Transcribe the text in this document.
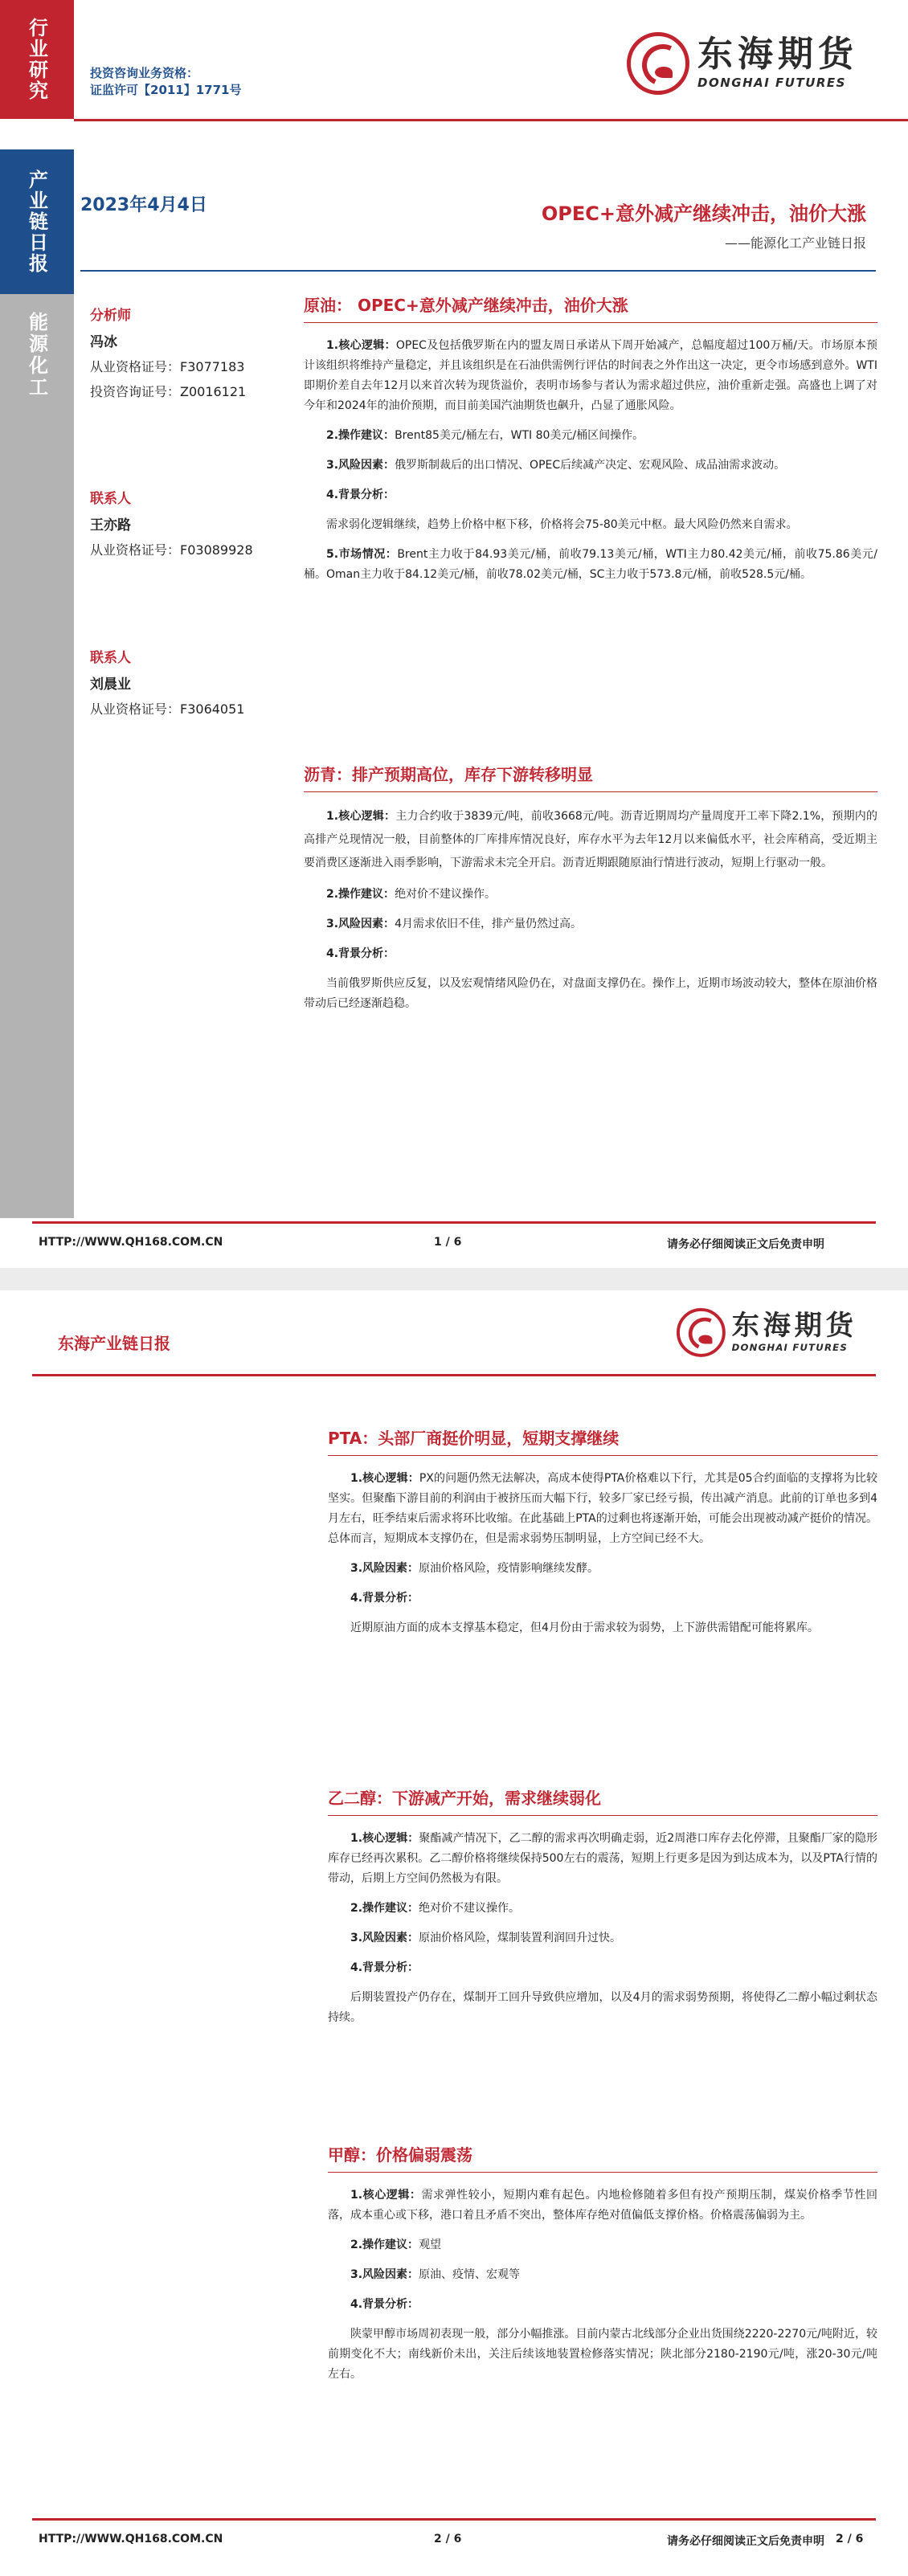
行业研究	投资咨询业务资格：
证监许可【2011】1771号
东海期货
DONGHAI FUTURES
产业链日报
能源化工
2023年4月4日	OPEC+意外减产继续冲击，油价大涨
——能源化工产业链日报
分析师
冯冰
从业资格证号：F3077183
投资咨询证号：Z0016121
联系人
王亦路
从业资格证号：F03089928
联系人
刘晨业
从业资格证号：F3064051
原油： OPEC+意外减产继续冲击，油价大涨

1.核心逻辑：OPEC及包括俄罗斯在内的盟友周日承诺从下周开始减产，总幅度超过100万桶/天。市场原本预计该组织将维持产量稳定，并且该组织是在石油供需例行评估的时间表之外作出这一决定，更令市场感到意外。WTI即期价差自去年12月以来首次转为现货溢价，表明市场参与者认为需求超过供应，油价重新走强。高盛也上调了对今年和2024年的油价预期，而目前美国汽油期货也飙升，凸显了通胀风险。

2.操作建议：Brent85美元/桶左右，WTI 80美元/桶区间操作。

3.风险因素：俄罗斯制裁后的出口情况、OPEC后续减产决定、宏观风险、成品油需求波动。

4.背景分析：

需求弱化逻辑继续，趋势上价格中枢下移，价格将会75-80美元中枢。最大风险仍然来自需求。

5.市场情况：Brent主力收于84.93美元/桶，前收79.13美元/桶，WTI主力80.42美元/桶，前收75.86美元/桶。Oman主力收于84.12美元/桶，前收78.02美元/桶，SC主力收于573.8元/桶，前收528.5元/桶。

沥青：排产预期高位，库存下游转移明显

1.核心逻辑：主力合约收于3839元/吨，前收3668元/吨。沥青近期周均产量周度开工率下降2.1%，预期内的高排产兑现情况一般，目前整体的厂库排库情况良好，库存水平为去年12月以来偏低水平，社会库稍高，受近期主要消费区逐渐进入雨季影响，下游需求未完全开启。沥青近期跟随原油行情进行波动，短期上行驱动一般。

2.操作建议：绝对价不建议操作。

3.风险因素：4月需求依旧不佳，排产量仍然过高。

4.背景分析：

当前俄罗斯供应反复，以及宏观情绪风险仍在，对盘面支撑仍在。操作上，近期市场波动较大，整体在原油价格带动后已经逐渐趋稳。

HTTP://WWW.QH168.COM.CN	1 / 6	请务必仔细阅读正文后免责申明
东海产业链日报
东海期货
DONGHAI FUTURES
PTA：头部厂商挺价明显，短期支撑继续

1.核心逻辑：PX的问题仍然无法解决，高成本使得PTA价格难以下行，尤其是05合约面临的支撑将为比较坚实。但聚酯下游目前的利润由于被挤压而大幅下行，较多厂家已经亏损，传出减产消息。此前的订单也多到4月左右，旺季结束后需求将环比收缩。在此基础上PTA的过剩也将逐渐开始，可能会出现被动减产挺价的情况。总体而言，短期成本支撑仍在，但是需求弱势压制明显，上方空间已经不大。

3.风险因素：原油价格风险，疫情影响继续发酵。

4.背景分析：

近期原油方面的成本支撑基本稳定，但4月份由于需求较为弱势，上下游供需错配可能将累库。

乙二醇：下游减产开始，需求继续弱化

1.核心逻辑：聚酯减产情况下，乙二醇的需求再次明确走弱，近2周港口库存去化停滞，且聚酯厂家的隐形库存已经再次累积。乙二醇价格将继续保持500左右的震荡，短期上行更多是因为到达成本为，以及PTA行情的带动，后期上方空间仍然极为有限。

2.操作建议：绝对价不建议操作。

3.风险因素：原油价格风险，煤制装置利润回升过快。

4.背景分析：

后期装置投产仍存在，煤制开工回升导致供应增加，以及4月的需求弱势预期，将使得乙二醇小幅过剩状态持续。

甲醇：价格偏弱震荡

1.核心逻辑：需求弹性较小，短期内难有起色。内地检修随着多但有投产预期压制，煤炭价格季节性回落，成本重心或下移，港口着且矛盾不突出，整体库存绝对值偏低支撑价格。价格震荡偏弱为主。

2.操作建议：观望

3.风险因素：原油、疫情、宏观等

4.背景分析：

陕蒙甲醇市场周初表现一般，部分小幅推涨。目前内蒙古北线部分企业出货围绕2220-2270元/吨附近，较前期变化不大；南线新价未出，关注后续该地装置检修落实情况；陕北部分2180-2190元/吨，涨20-30元/吨左右。

HTTP://WWW.QH168.COM.CN	2 / 6	请务必仔细阅读正文后免责申明 2 / 6
